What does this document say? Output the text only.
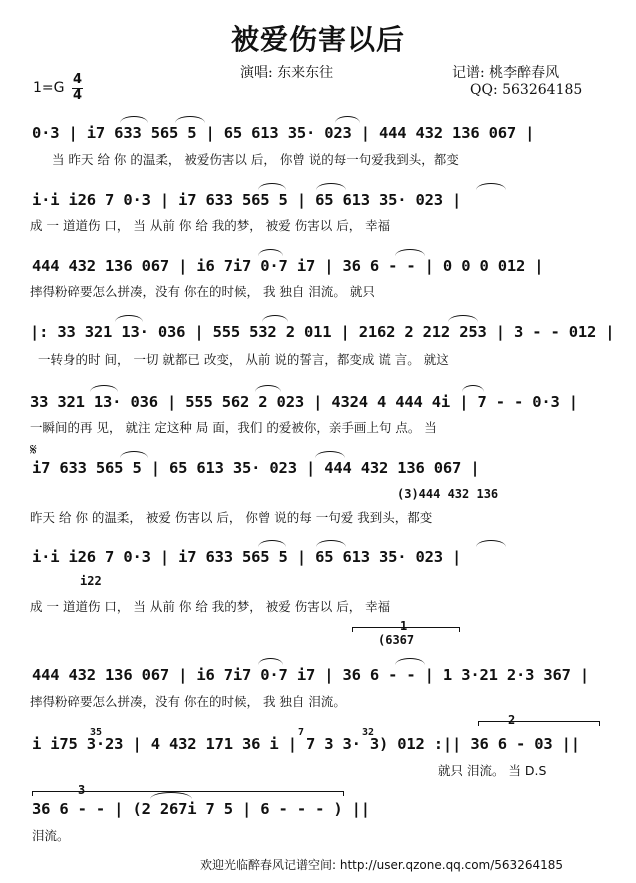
被爱伤害以后
演唱: 东来东往	记谱: 桃李醉春风
QQ: 563264185
1=G
4
4
0·3 | i7 633 565 5 | 65 613 35· 023 | 444 432 136 067 |
当 昨天 给 你 的温柔， 被爱伤害以 后， 你曾 说的每一句爱我到头，都变
i·i i26 7 0·3 | i7 633 565 5 | 65 613 35· 023 |
成 一 道道伤 口， 当 从前 你 给 我的梦， 被爱 伤害以 后， 幸福
444 432 136 067 | i6 7i7 0·7 i7 | 36 6 - - | 0 0 0 012 |
摔得粉碎要怎么拼凑，没有 你在的时候， 我 独自 泪流。 就只
|: 33 321 13· 036 | 555 532 2 011 | 2162 2 212 253 | 3 - - 012 |
一转身的时 间， 一切 就都已 改变， 从前 说的誓言，都变成 谎 言。 就这
33 321 13· 036 | 555 562 2 023 | 4324 4 444 4i | 7 - - 0·3 |
一瞬间的再 见， 就注 定这种 局 面，我们 的爱被你，亲手画上句 点。 当
𝄋
i7 633 565 5 | 65 613 35· 023 | 444 432 136 067 |
(3)444 432 136
昨天 给 你 的温柔， 被爱 伤害以 后， 你曾 说的每 一句爱 我到头，都变
i·i i26 7 0·3 | i7 633 565 5 | 65 613 35· 023 |
i22
成 一 道道伤 口， 当 从前 你 给 我的梦， 被爱 伤害以 后， 幸福
1
(6367
444 432 136 067 | i6 7i7 0·7 i7 | 36 6 - - | 1 3·21 2·3 367 |
摔得粉碎要怎么拼凑，没有 你在的时候， 我 独自 泪流。
2
35	7	32
i i75 3·23 | 4 432 171 36 i | 7 3 3· 3) 012 :|| 36 6 - 03 ||
就只 泪流。 当 D.S
3
36 6 - - | (2 267i 7 5 | 6 - - - ) ||
泪流。
欢迎光临醉春风记谱空间: http://user.qzone.qq.com/563264185
